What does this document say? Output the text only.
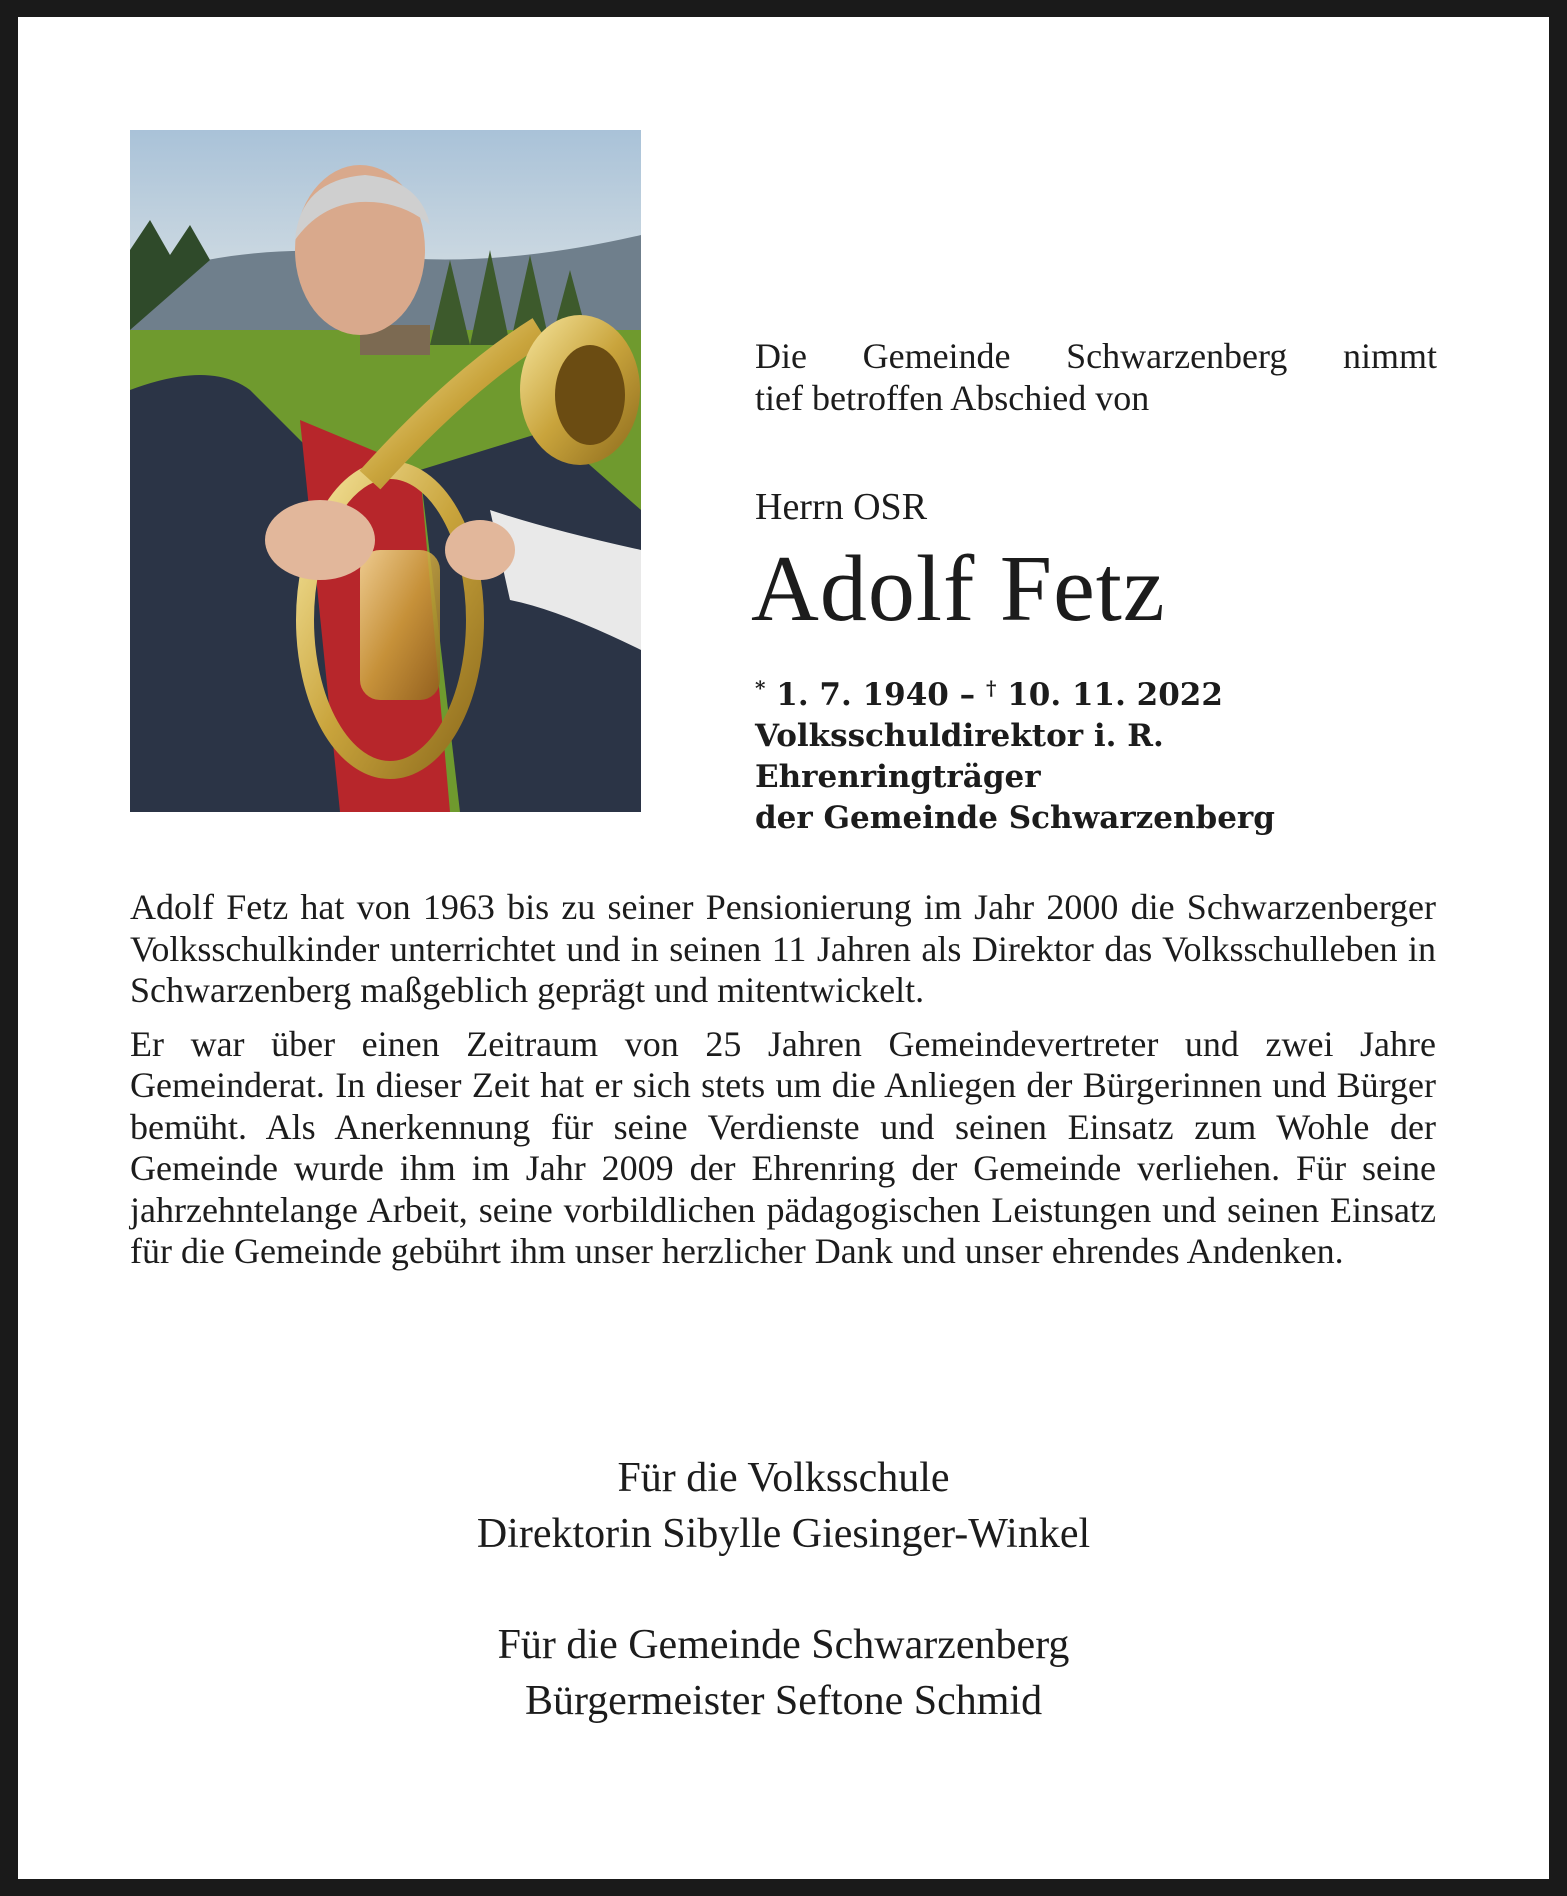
Die Gemeinde Schwarzenberg nimmt
tief betroffen Abschied von
Herrn OSR
Adolf Fetz
* 1. 7. 1940 – † 10. 11. 2022
Volksschuldirektor i. R.
Ehrenringträger
der Gemeinde Schwarzenberg

Adolf Fetz hat von 1963 bis zu seiner Pensionierung im Jahr 2000 die Schwarzenberger Volksschulkinder unterrichtet und in seinen 11 Jahren als Direktor das Volksschulleben in Schwarzenberg maßgeblich geprägt und mitentwickelt.

Er war über einen Zeitraum von 25 Jahren Gemeindevertreter und zwei Jahre Gemeinderat. In dieser Zeit hat er sich stets um die Anliegen der Bürgerinnen und Bürger bemüht. Als Anerkennung für seine Verdienste und seinen Einsatz zum Wohle der Gemeinde wurde ihm im Jahr 2009 der Ehrenring der Gemeinde verliehen. Für seine jahrzehntelange Arbeit, seine vorbildlichen pädagogischen Leistungen und seinen Einsatz für die Gemeinde gebührt ihm unser herzlicher Dank und unser ehrendes Andenken.

Für die Volksschule
Direktorin Sibylle Giesinger-Winkel
Für die Gemeinde Schwarzenberg
Bürgermeister Seftone Schmid
